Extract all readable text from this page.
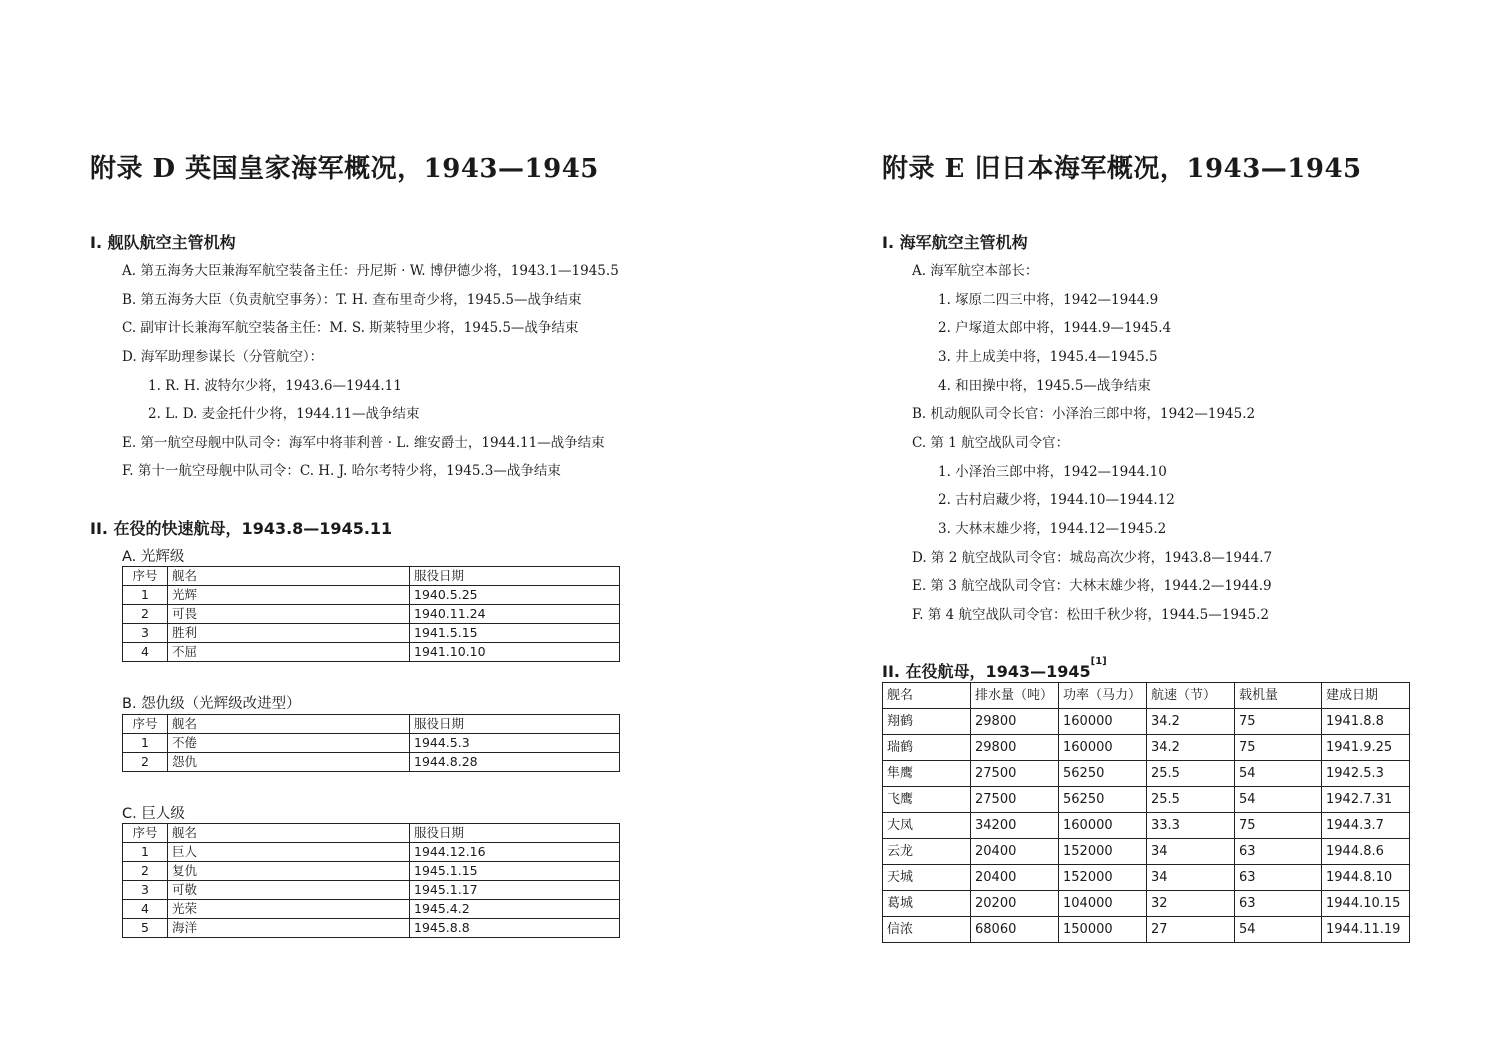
附录 D 英国皇家海军概况，1943—1945
I. 舰队航空主管机构
A. 第五海务大臣兼海军航空装备主任：丹尼斯 · W. 博伊德少将，1943.1—1945.5
B. 第五海务大臣（负责航空事务）：T. H. 查布里奇少将，1945.5—战争结束
C. 副审计长兼海军航空装备主任：M. S. 斯莱特里少将，1945.5—战争结束
D. 海军助理参谋长（分管航空）：
1. R. H. 波特尔少将，1943.6—1944.11
2. L. D. 麦金托什少将，1944.11—战争结束
E. 第一航空母舰中队司令：海军中将菲利普 · L. 维安爵士，1944.11—战争结束
F. 第十一航空母舰中队司令：C. H. J. 哈尔考特少将，1945.3—战争结束
II. 在役的快速航母，1943.8—1945.11
A. 光辉级
序号	舰名	服役日期
1	光辉	1940.5.25
2	可畏	1940.11.24
3	胜利	1941.5.15
4	不屈	1941.10.10
B. 怨仇级（光辉级改进型）
序号	舰名	服役日期
1	不倦	1944.5.3
2	怨仇	1944.8.28
C. 巨人级
序号	舰名	服役日期
1	巨人	1944.12.16
2	复仇	1945.1.15
3	可敬	1945.1.17
4	光荣	1945.4.2
5	海洋	1945.8.8
附录 E 旧日本海军概况，1943—1945
I. 海军航空主管机构
A. 海军航空本部长：
1. 塚原二四三中将，1942—1944.9
2. 户塚道太郎中将，1944.9—1945.4
3. 井上成美中将，1945.4—1945.5
4. 和田操中将，1945.5—战争结束
B. 机动舰队司令长官：小泽治三郎中将，1942—1945.2
C. 第 1 航空战队司令官：
1. 小泽治三郎中将，1942—1944.10
2. 古村启藏少将，1944.10—1944.12
3. 大林末雄少将，1944.12—1945.2
D. 第 2 航空战队司令官：城岛高次少将，1943.8—1944.7
E. 第 3 航空战队司令官：大林末雄少将，1944.2—1944.9
F. 第 4 航空战队司令官：松田千秋少将，1944.5—1945.2
II. 在役航母，1943—1945[1]
舰名	排水量（吨）	功率（马力）	航速（节）	载机量	建成日期
翔鹤	29800	160000	34.2	75	1941.8.8
瑞鹤	29800	160000	34.2	75	1941.9.25
隼鹰	27500	56250	25.5	54	1942.5.3
飞鹰	27500	56250	25.5	54	1942.7.31
大凤	34200	160000	33.3	75	1944.3.7
云龙	20400	152000	34	63	1944.8.6
天城	20400	152000	34	63	1944.8.10
葛城	20200	104000	32	63	1944.10.15
信浓	68060	150000	27	54	1944.11.19
